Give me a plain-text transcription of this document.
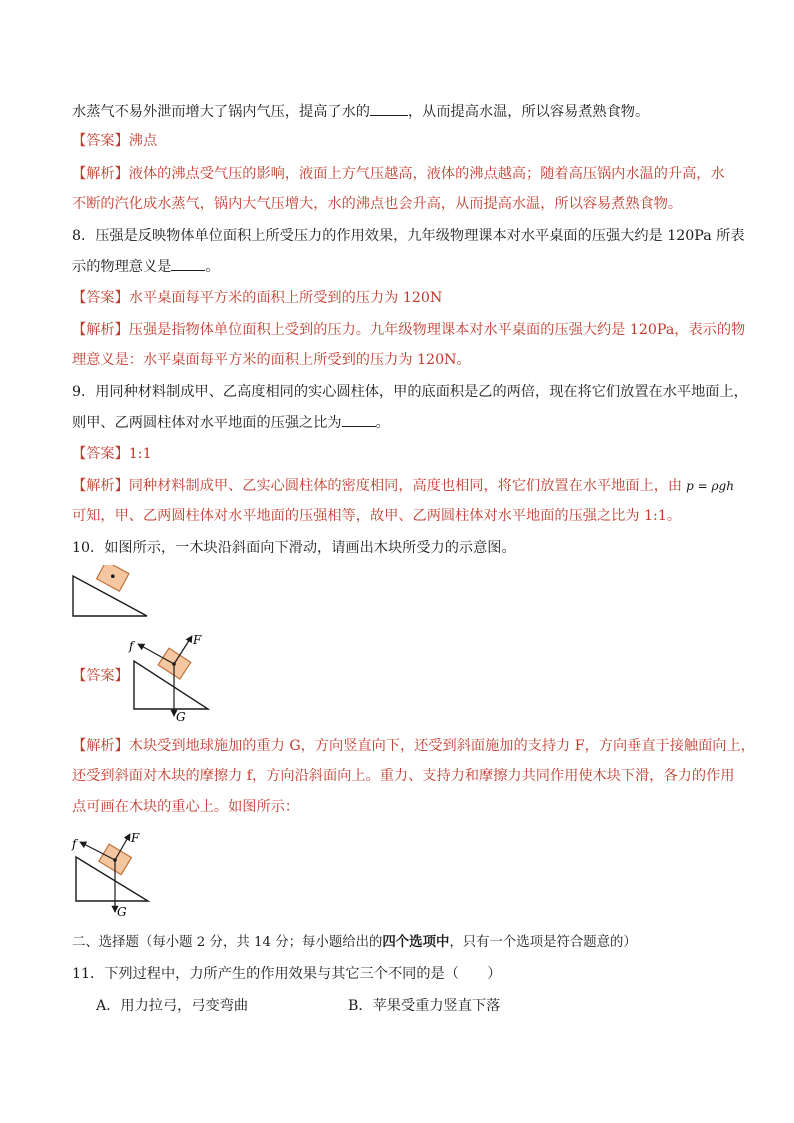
水蒸气不易外泄而增大了锅内气压，提高了水的	，从而提高水温，所以容易煮熟食物。
【答案】沸点
【解析】液体的沸点受气压的影响，液面上方气压越高，液体的沸点越高；随着高压锅内水温的升高，水
不断的汽化成水蒸气，锅内大气压增大，水的沸点也会升高，从而提高水温，所以容易煮熟食物。
8．压强是反映物体单位面积上所受压力的作用效果，九年级物理课本对水平桌面的压强大约是 120Pa 所表
示的物理意义是 。
【答案】水平桌面每平方米的面积上所受到的压力为 120N
【解析】压强是指物体单位面积上受到的压力。九年级物理课本对水平桌面的压强大约是 120Pa，表示的物
理意义是：水平桌面每平方米的面积上所受到的压力为 120N。
9．用同种材料制成甲、乙高度相同的实心圆柱体，甲的底面积是乙的两倍，现在将它们放置在水平地面上，
则甲、乙两圆柱体对水平地面的压强之比为 。
【答案】1:1
【解析】同种材料制成甲、乙实心圆柱体的密度相同，高度也相同，将它们放置在水平地面上，由 p = ρgh
可知，甲、乙两圆柱体对水平地面的压强相等，故甲、乙两圆柱体对水平地面的压强之比为 1:1。
10．如图所示，一木块沿斜面向下滑动，请画出木块所受力的示意图。
【答案】
f	F
G
【解析】木块受到地球施加的重力 G，方向竖直向下，还受到斜面施加的支持力 F，方向垂直于接触面向上，
还受到斜面对木块的摩擦力 f，方向沿斜面向上。重力、支持力和摩擦力共同作用使木块下滑，各力的作用
点可画在木块的重心上。如图所示：
f	F
G
二、选择题（每小题 2 分，共 14 分；每小题给出的四个选项中，只有一个选项是符合题意的）
11．下列过程中，力所产生的作用效果与其它三个不同的是（　　）
A．用力拉弓，弓变弯曲	B．苹果受重力竖直下落
